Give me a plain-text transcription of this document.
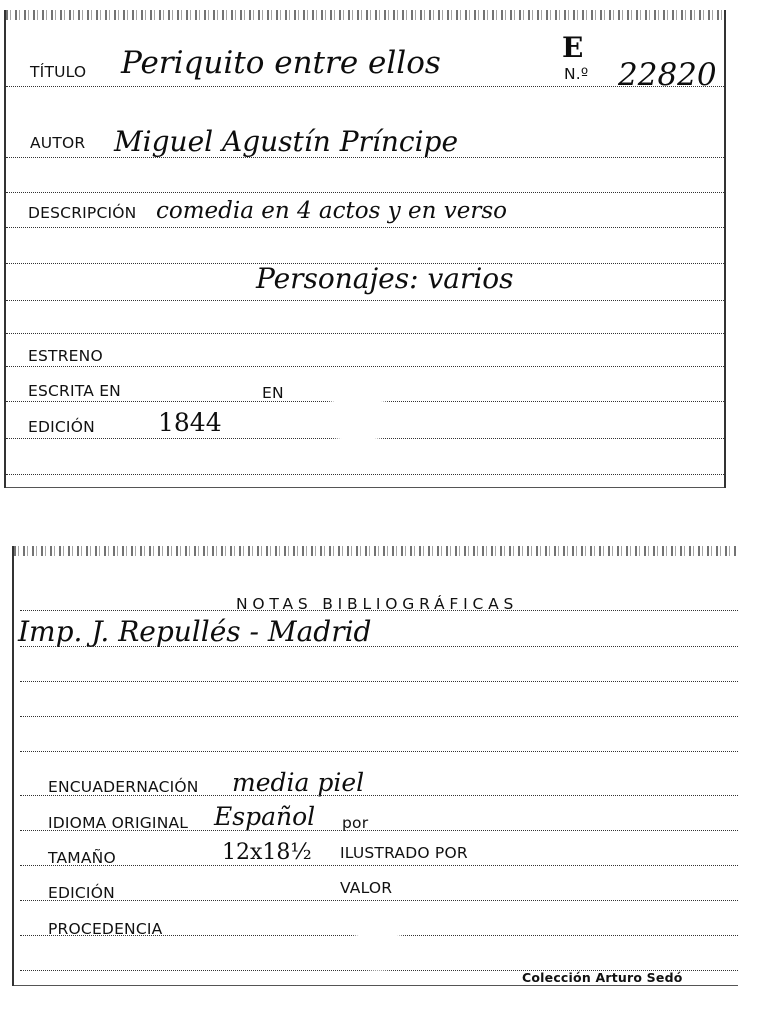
E
TÍTULO Periquito entre ellos	N.º 22820
AUTOR Miguel Agustín Príncipe
DESCRIPCIÓN comedia en 4 actos y en verso
Personajes: varios
ESTRENO
ESCRITA EN	EN
EDICIÓN	1844
NOTAS BIBLIOGRÁFICAS
Imp. J. Repullés - Madrid
ENCUADERNACIÓN media piel
IDIOMA ORIGINAL Español por
TAMAÑO	12x18½ ILUSTRADO POR
EDICIÓN	VALOR
PROCEDENCIA
Colección Arturo Sedó
